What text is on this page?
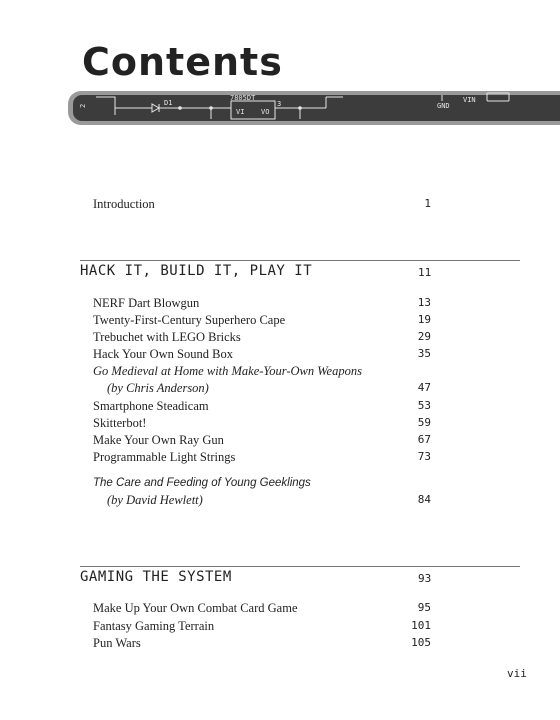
Contents
2	D1
7805DT
VI VO
3	GND
VIN
Introduction	1
HACK IT, BUILD IT, PLAY IT	11
NERF Dart Blowgun	13
Twenty-First-Century Superhero Cape	19
Trebuchet with LEGO Bricks	29
Hack Your Own Sound Box	35
Go Medieval at Home with Make-Your-Own Weapons
(by Chris Anderson)	47
Smartphone Steadicam	53
Skitterbot!	59
Make Your Own Ray Gun	67
Programmable Light Strings	73
The Care and Feeding of Young Geeklings
(by David Hewlett)	84
GAMING THE SYSTEM	93
Make Up Your Own Combat Card Game	95
Fantasy Gaming Terrain	101
Pun Wars	105
vii
